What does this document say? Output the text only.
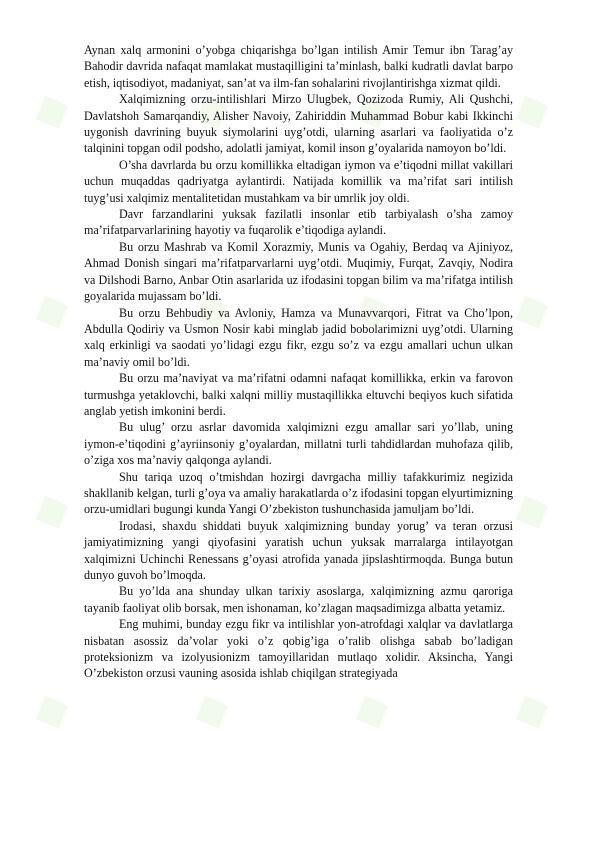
◆ ◆ ◆ ◆
◆ ◆ ◆ ◆
◆ ◆ ◆ ◆
◆ ◆ ◆ ◆

Aynan xalq armonini o’yobga chiqarishga bo’lgan intilish Amir Temur ibn Tarag’ay Bahodir davrida nafaqat mamlakat mustaqilligini ta’minlash, balki kudratli davlat barpo etish, iqtisodiyot, madaniyat, san’at va ilm-fan sohalarini rivojlantirishga xizmat qildi.

Xalqimizning orzu-intilishlari Mirzo Ulugbek, Qozizoda Rumiy, Ali Qushchi, Davlatshoh Samarqandiy, Alisher Navoiy, Zahiriddin Muhammad Bobur kabi Ikkinchi uygonish davrining buyuk siymolarini uyg’otdi, ularning asarlari va faoliyatida o’z talqinini topgan odil podsho, adolatli jamiyat, komil inson g’oyalarida namoyon bo’ldi.

O’sha davrlarda bu orzu komillikka eltadigan iymon va e’tiqodni millat vakillari uchun muqaddas qadriyatga aylantirdi. Natijada komillik va ma’rifat sari intilish tuyg’usi xalqimiz mentalitetidan mustahkam va bir umrlik joy oldi.

Davr farzandlarini yuksak fazilatli insonlar etib tarbiyalash o’sha zamoy ma’rifatparvarlarining hayotiy va fuqarolik e’tiqodiga aylandi.

Bu orzu Mashrab va Komil Xorazmiy, Munis va Ogahiy, Berdaq va Ajiniyoz, Ahmad Donish singari ma’rifatparvarlarni uyg’otdi. Muqimiy, Furqat, Zavqiy, Nodira va Dilshodi Barno, Anbar Otin asarlarida uz ifodasini topgan bilim va ma’rifatga intilish goyalarida mujassam bo’ldi.

Bu orzu Behbudiy va Avloniy, Hamza va Munavvarqori, Fitrat va Cho’lpon, Abdulla Qodiriy va Usmon Nosir kabi minglab jadid bobolarimizni uyg’otdi. Ularning xalq erkinligi va saodati yo’lidagi ezgu fikr, ezgu so’z va ezgu amallari uchun ulkan ma’naviy omil bo’ldi.

Bu orzu ma’naviyat va ma’rifatni odamni nafaqat komillikka, erkin va farovon turmushga yetaklovchi, balki xalqni milliy mustaqillikka eltuvchi beqiyos kuch sifatida anglab yetish imkonini berdi.

Bu ulug’ orzu asrlar davomida xalqimizni ezgu amallar sari yo’llab, uning iymon-e’tiqodini g’ayriinsoniy g’oyalardan, millatni turli tahdidlardan muhofaza qilib, o’ziga xos ma’naviy qalqonga aylandi.

Shu tariqa uzoq o’tmishdan hozirgi davrgacha milliy tafakkurimiz negizida shakllanib kelgan, turli g’oya va amaliy harakatlarda o’z ifodasini topgan elyurtimizning orzu-umidlari bugungi kunda Yangi O’zbekiston tushunchasida jamuljam bo’ldi.

Irodasi, shaxdu shiddati buyuk xalqimizning bunday yorug’ va teran orzusi jamiyatimizning yangi qiyofasini yaratish uchun yuksak marralarga intilayotgan xalqimizni Uchinchi Renessans g’oyasi atrofida yanada jipslashtirmoqda. Bunga butun dunyo guvoh bo’lmoqda.

Bu yo’lda ana shunday ulkan tarixiy asoslarga, xalqimizning azmu qarorig‌a tayanib faoliyat olib borsak, men ishonaman, ko’zlagan maqsadimizga albatta yetamiz.

Eng muhimi, bunday ezgu fikr va intilishlar yon-atrofdagi xalqlar va davlatlarga nisbatan asossiz da’volar yoki o’z qobig’iga o’ralib olishga sabab bo’ladigan proteksionizm va izolyusionizm tamoyillaridan mutlaqo xolidir. Aksincha, Yangi O’zbekiston orzusi vauning asosida ishlab chiqilgan strategiyada
